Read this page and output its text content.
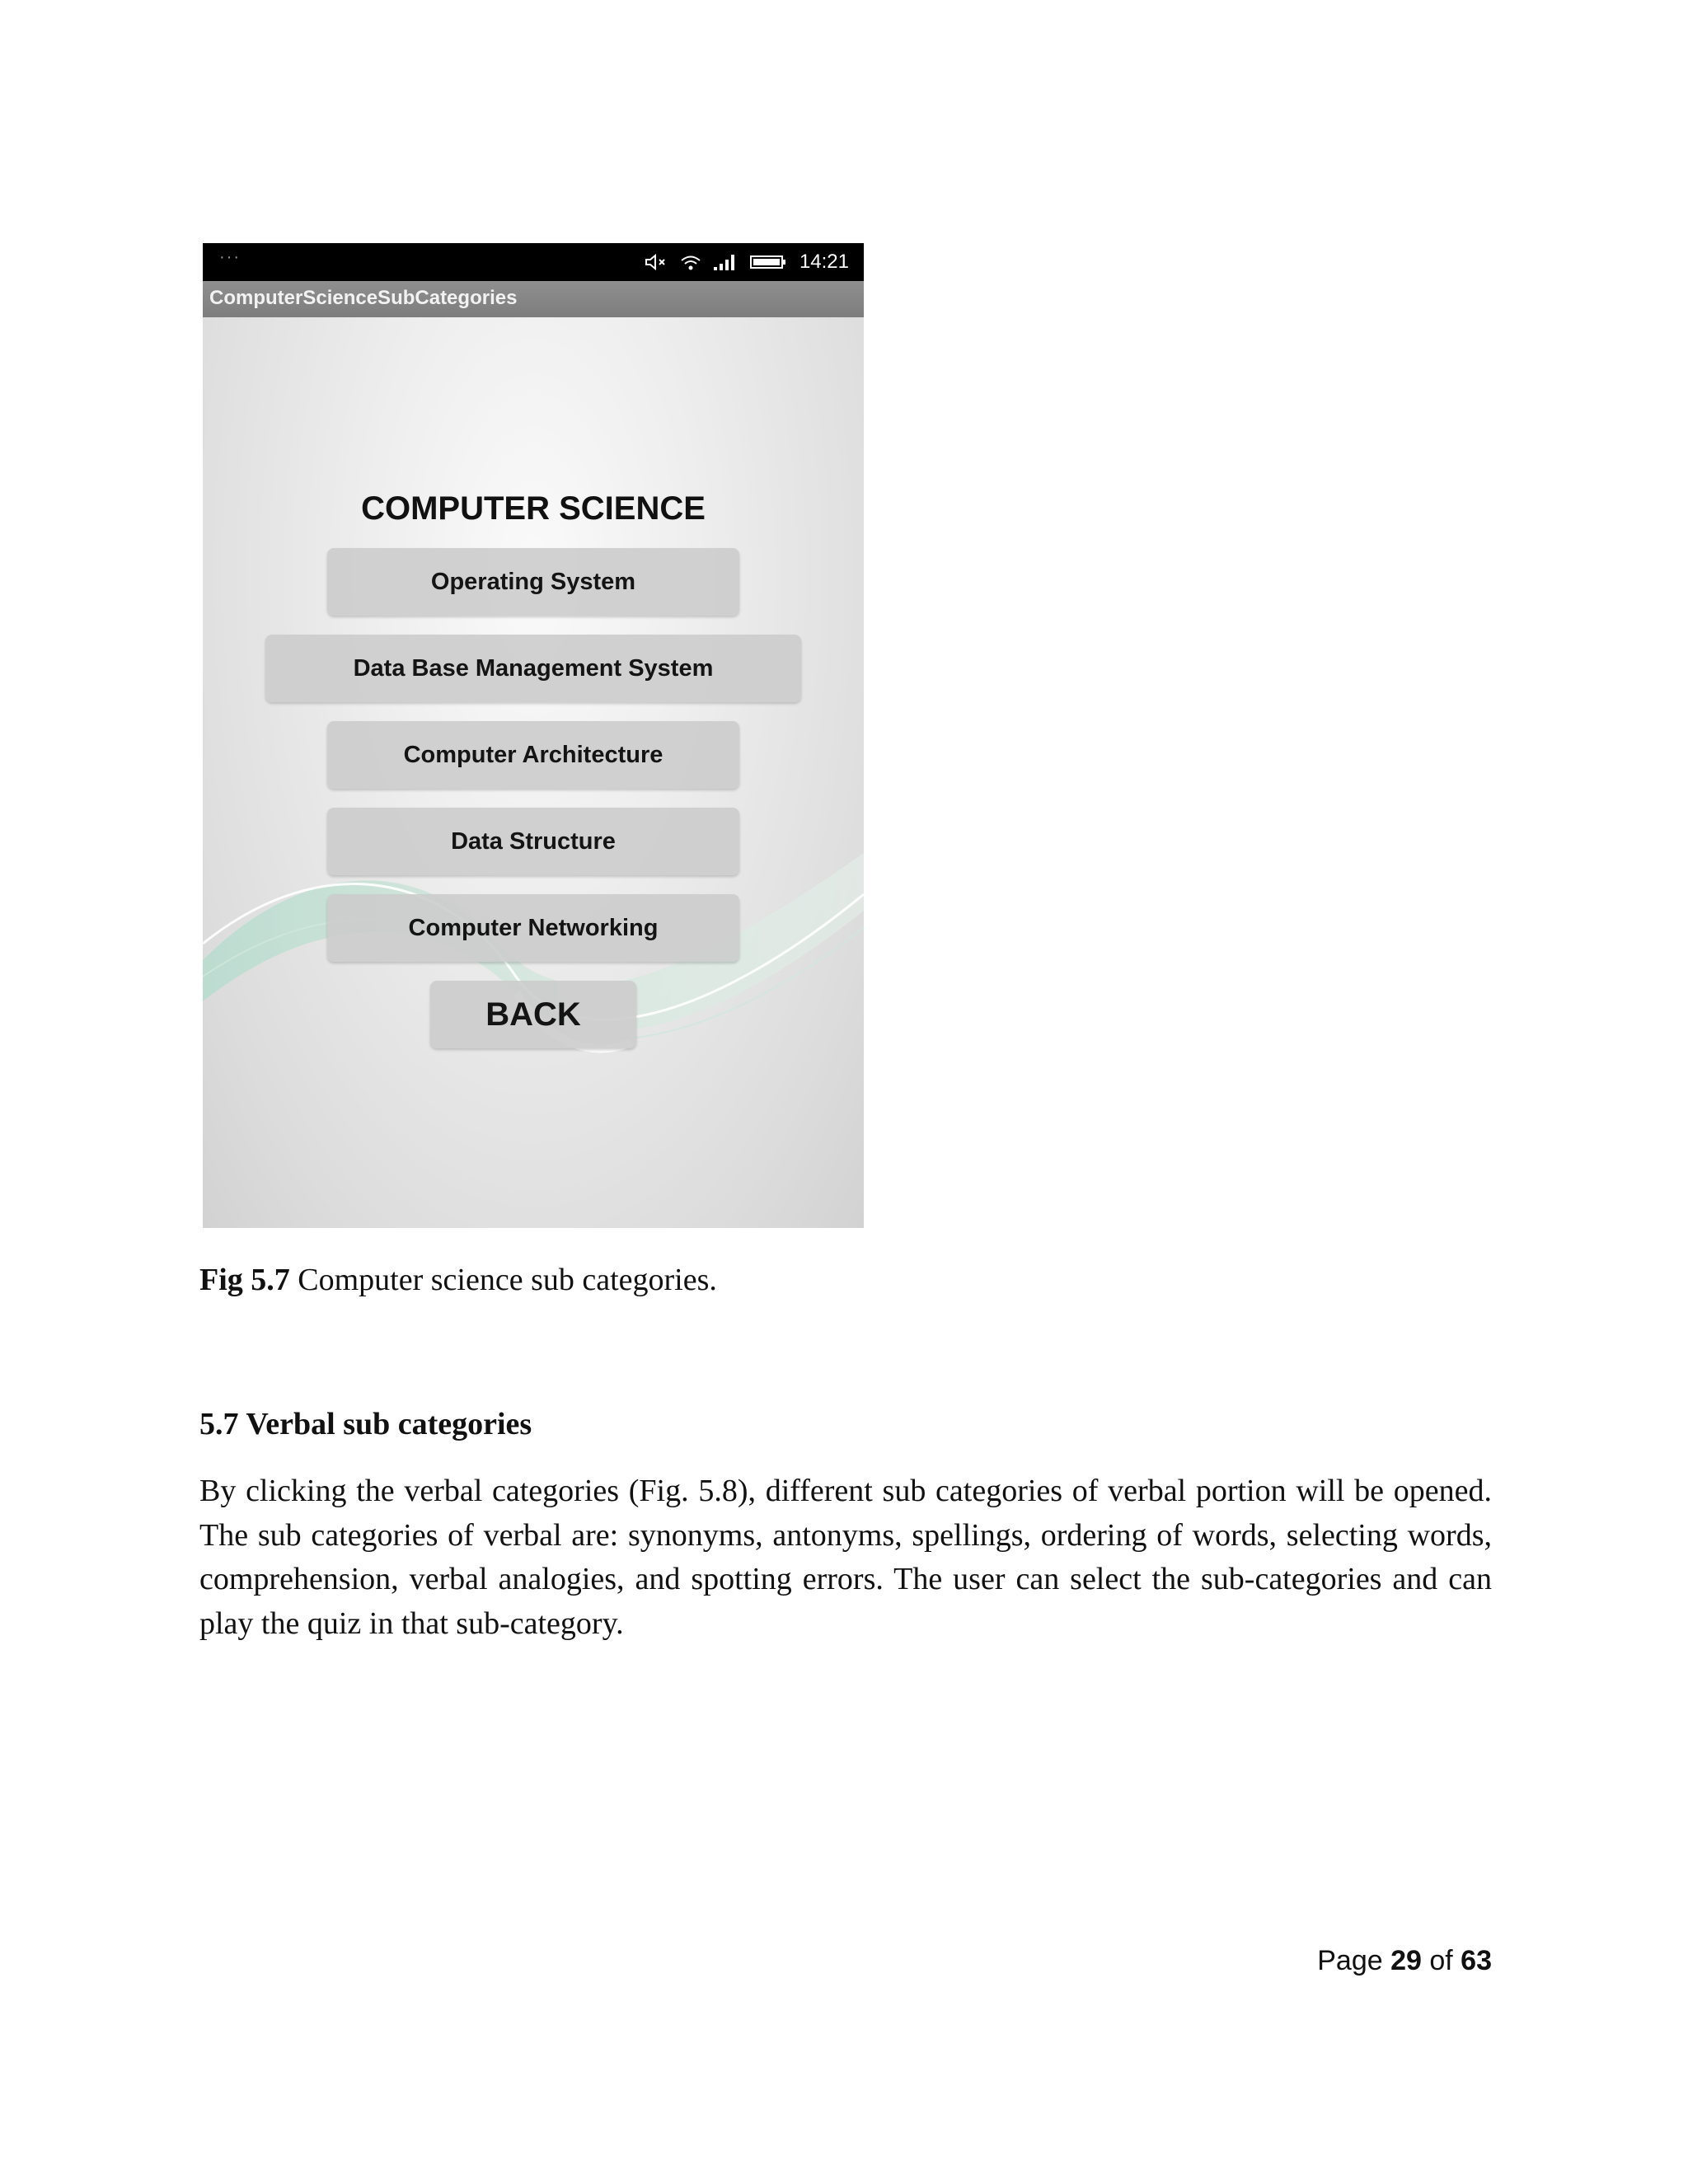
···	14:21
ComputerScienceSubCategories
COMPUTER SCIENCE
Operating System
Data Base Management System
Computer Architecture
Data Structure
Computer Networking
BACK
Fig 5.7 Computer science sub categories.
5.7 Verbal sub categories
By clicking the verbal categories (Fig. 5.8), different sub categories of verbal portion will be opened. The sub categories of verbal are: synonyms, antonyms, spellings, ordering of words, selecting words, comprehension, verbal analogies, and spotting errors. The user can select the sub-categories and can play the quiz in that sub-category.
Page 29 of 63
